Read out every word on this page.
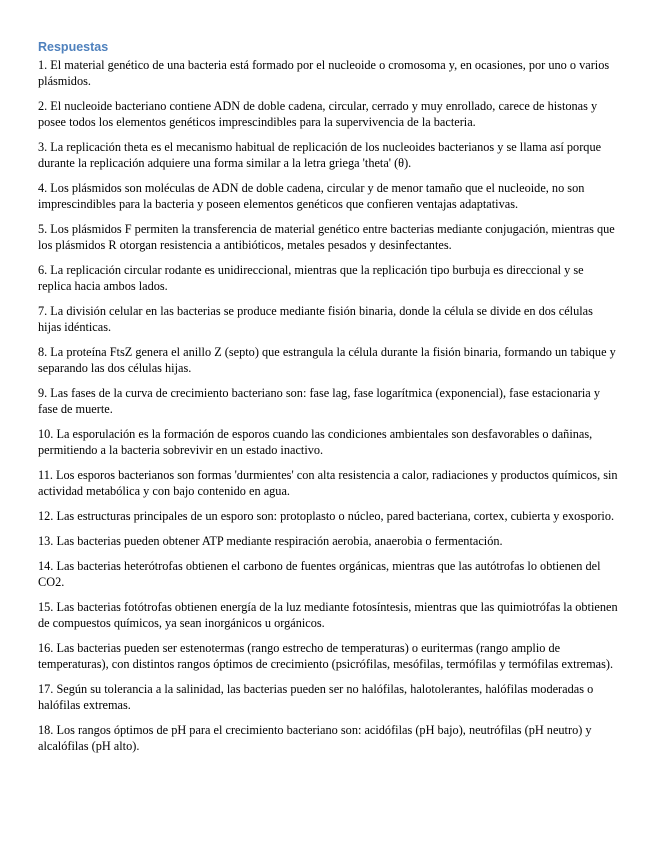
Respuestas

1. El material genético de una bacteria está formado por el nucleoide o cromosoma y, en ocasiones, por uno o varios plásmidos.

2. El nucleoide bacteriano contiene ADN de doble cadena, circular, cerrado y muy enrollado, carece de histonas y posee todos los elementos genéticos imprescindibles para la supervivencia de la bacteria.

3. La replicación theta es el mecanismo habitual de replicación de los nucleoides bacterianos y se llama así porque durante la replicación adquiere una forma similar a la letra griega 'theta' (θ).

4. Los plásmidos son moléculas de ADN de doble cadena, circular y de menor tamaño que el nucleoide, no son imprescindibles para la bacteria y poseen elementos genéticos que confieren ventajas adaptativas.

5. Los plásmidos F permiten la transferencia de material genético entre bacterias mediante conjugación, mientras que los plásmidos R otorgan resistencia a antibióticos, metales pesados y desinfectantes.

6. La replicación circular rodante es unidireccional, mientras que la replicación tipo burbuja es direccional y se replica hacia ambos lados.

7. La división celular en las bacterias se produce mediante fisión binaria, donde la célula se divide en dos células hijas idénticas.

8. La proteína FtsZ genera el anillo Z (septo) que estrangula la célula durante la fisión binaria, formando un tabique y separando las dos células hijas.

9. Las fases de la curva de crecimiento bacteriano son: fase lag, fase logarítmica (exponencial), fase estacionaria y fase de muerte.

10. La esporulación es la formación de esporos cuando las condiciones ambientales son desfavorables o dañinas, permitiendo a la bacteria sobrevivir en un estado inactivo.

11. Los esporos bacterianos son formas 'durmientes' con alta resistencia a calor, radiaciones y productos químicos, sin actividad metabólica y con bajo contenido en agua.

12. Las estructuras principales de un esporo son: protoplasto o núcleo, pared bacteriana, cortex, cubierta y exosporio.

13. Las bacterias pueden obtener ATP mediante respiración aerobia, anaerobia o fermentación.

14. Las bacterias heterótrofas obtienen el carbono de fuentes orgánicas, mientras que las autótrofas lo obtienen del CO2.

15. Las bacterias fotótrofas obtienen energía de la luz mediante fotosíntesis, mientras que las quimiotrófas la obtienen de compuestos químicos, ya sean inorgánicos u orgánicos.

16. Las bacterias pueden ser estenotermas (rango estrecho de temperaturas) o euritermas (rango amplio de temperaturas), con distintos rangos óptimos de crecimiento (psicrófilas, mesófilas, termófilas y termófilas extremas).

17. Según su tolerancia a la salinidad, las bacterias pueden ser no halófilas, halotolerantes, halófilas moderadas o halófilas extremas.

18. Los rangos óptimos de pH para el crecimiento bacteriano son: acidófilas (pH bajo), neutrófilas (pH neutro) y alcalófilas (pH alto).
